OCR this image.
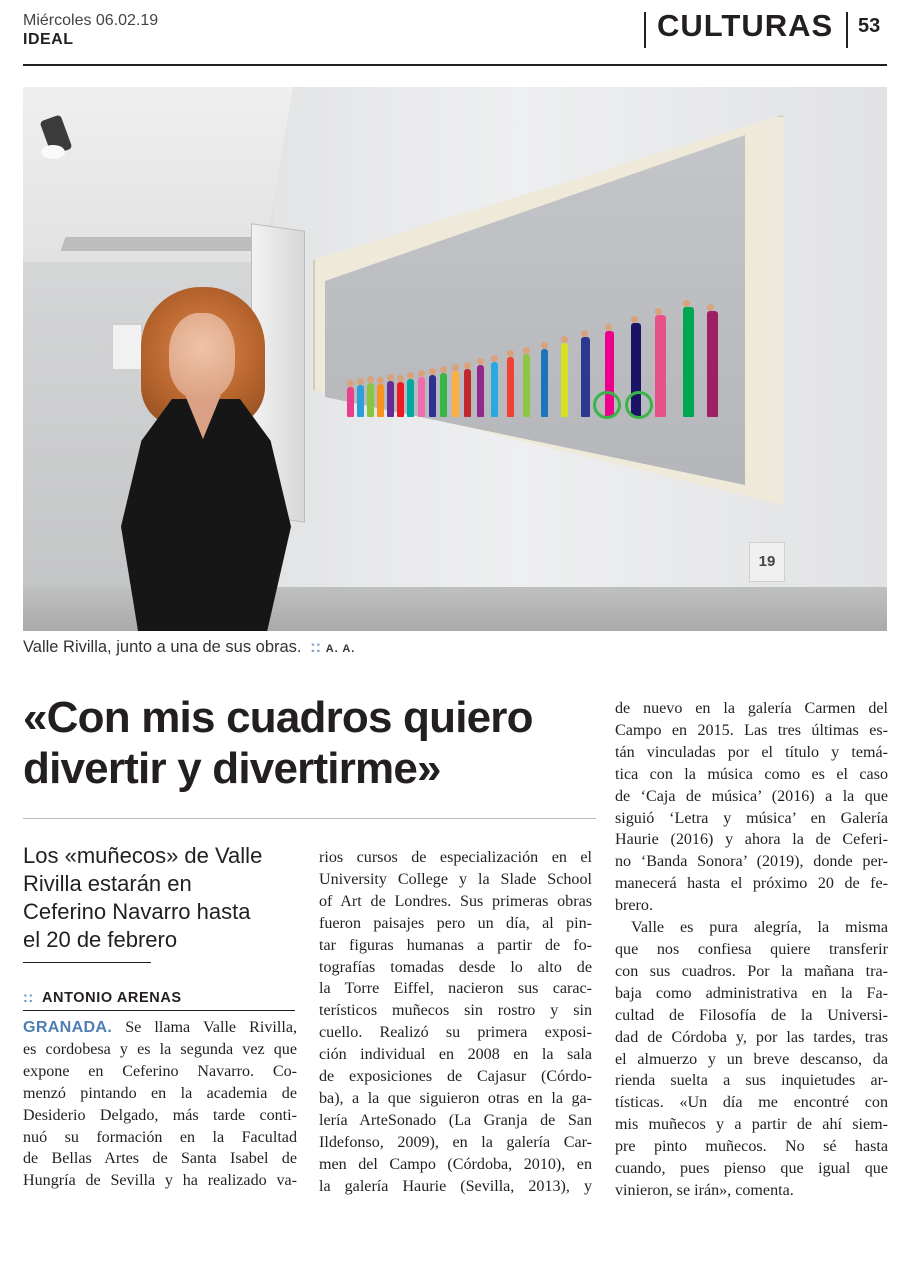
Miércoles 06.02.19
IDEAL	CULTURAS 53
19
Valle Rivilla, junto a una de sus obras. :: A. A.
«Con mis cuadros quiero
divertir y divertirme»
Los «muñecos» de Valle
Rivilla estarán en
Ceferino Navarro hasta
el 20 de febrero
:: ANTONIO ARENAS
GRANADA. Se llama Valle Rivilla,
es cordobesa y es la segunda vez que
expone en Ceferino Navarro. Co-
menzó pintando en la academia de
Desiderio Delgado, más tarde conti-
nuó su formación en la Facultad
de Bellas Artes de Santa Isabel de
Hungría de Sevilla y ha realizado va-
rios cursos de especialización en el
University College y la Slade School
of Art de Londres. Sus primeras obras
fueron paisajes pero un día, al pin-
tar figuras humanas a partir de fo-
tografías tomadas desde lo alto de
la Torre Eiffel, nacieron sus carac-
terísticos muñecos sin rostro y sin
cuello. Realizó su primera exposi-
ción individual en 2008 en la sala
de exposiciones de Cajasur (Córdo-
ba), a la que siguieron otras en la ga-
lería ArteSonado (La Granja de San
Ildefonso, 2009), en la galería Car-
men del Campo (Córdoba, 2010), en
la galería Haurie (Sevilla, 2013), y
de nuevo en la galería Carmen del
Campo en 2015. Las tres últimas es-
tán vinculadas por el título y temá-
tica con la música como es el caso
de ‘Caja de música’ (2016) a la que
siguió ‘Letra y música’ en Galería
Haurie (2016) y ahora la de Ceferi-
no ‘Banda Sonora’ (2019), donde per-
manecerá hasta el próximo 20 de fe-
brero.
Valle es pura alegría, la misma
que nos confiesa quiere transferir
con sus cuadros. Por la mañana tra-
baja como administrativa en la Fa-
cultad de Filosofía de la Universi-
dad de Córdoba y, por las tardes, tras
el almuerzo y un breve descanso, da
rienda suelta a sus inquietudes ar-
tísticas. «Un día me encontré con
mis muñecos y a partir de ahí siem-
pre pinto muñecos. No sé hasta
cuando, pues pienso que igual que
vinieron, se irán», comenta.
